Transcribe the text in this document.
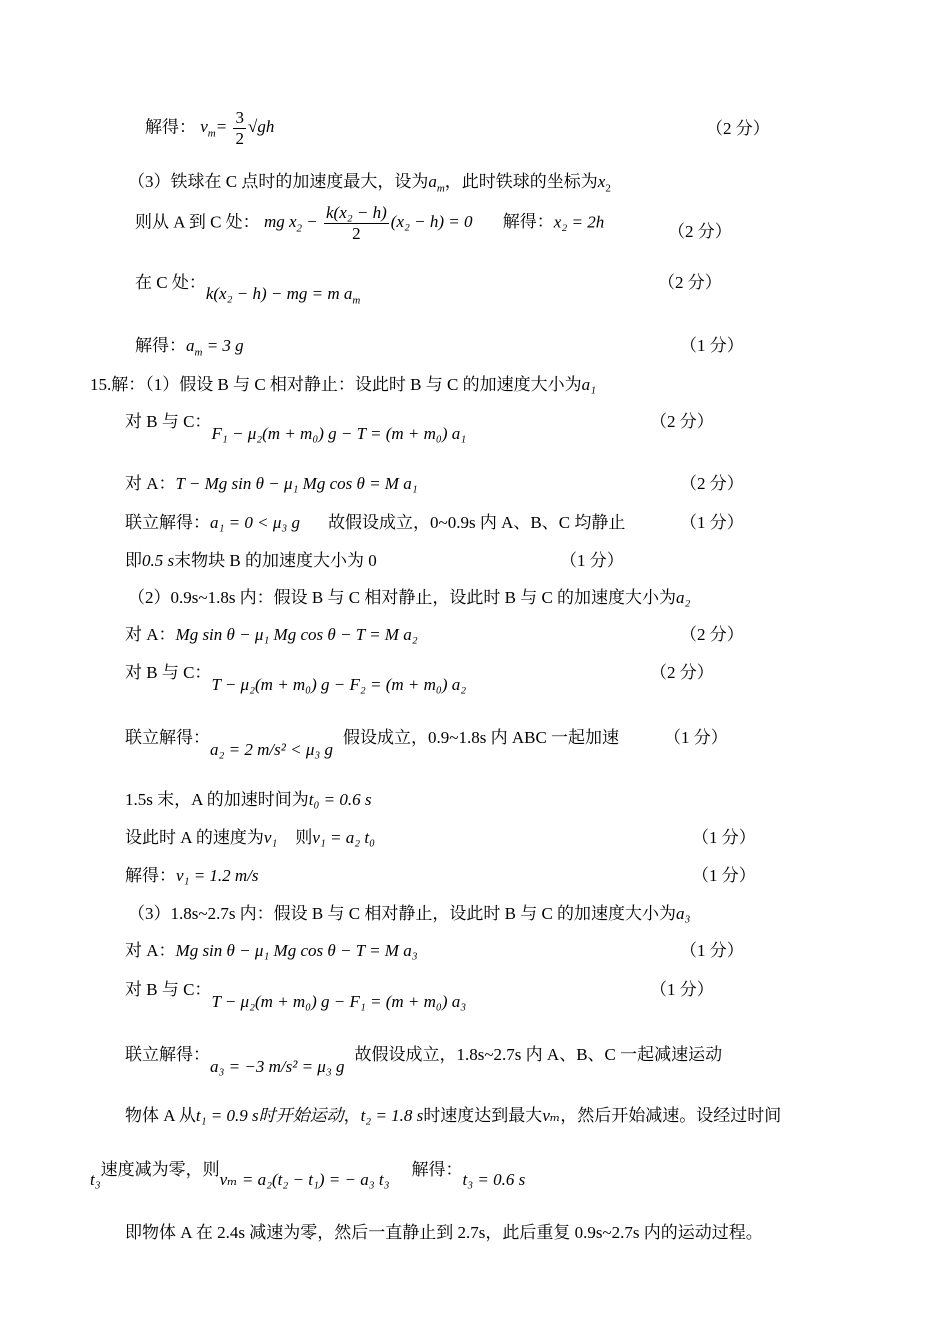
解得： $v_m= \frac{3}{2} √gh$	（2 分）
（3）铁球在 C 点时的加速度最大，设为$a_m$，此时铁球的坐标为$x_2$
则从 A 到 C 处： mg $x_2 - \frac{\text{k(x₂ − h)}}{2} (x_2 - h) = 0$ 解得：x₂ = 2h
（2 分）
在 C 处：k(x₂ − h) − mg = m $a_m$
（2 分）
解得：$a_m = 3$ g	（1 分）
15.解：（1）假设 B 与 C 相对静止：设此时 B 与 C 的加速度大小为a₁
对 B 与 C：F₁ − μ₂(m + m₀) g − T = (m + m₀) a₁
（2 分）
对 A：T − Mg sin θ − μ₁ Mg cos θ = M a₁	（2 分）
联立解得：a₁ = 0 < μ₃ g 故假设成立，0~0.9s 内 A、B、C 均静止	（1 分）
即0.5 s末物块 B 的加速度大小为 0	（1 分）
（2）0.9s~1.8s 内：假设 B 与 C 相对静止，设此时 B 与 C 的加速度大小为a₂
对 A：Mg sin θ − μ₁ Mg cos θ − T = M a₂	（2 分）
对 B 与 C：T − μ₂(m + m₀) g − F₂ = (m + m₀) a₂
（2 分）
联立解得：a₂ = 2 m/s² < μ₃ g假设成立，0.9~1.8s 内 ABC 一起加速	（1 分）
1.5s 末，A 的加速时间为t₀ = 0.6 s
设此时 A 的速度为v₁ 则v₁ = a₂ t₀	（1 分）
解得：v₁ = 1.2 m/s	（1 分）
（3）1.8s~2.7s 内：假设 B 与 C 相对静止，设此时 B 与 C 的加速度大小为a₃
对 A：Mg sin θ − μ₁ Mg cos θ − T = M a₃	（1 分）
对 B 与 C：T − μ₂(m + m₀) g − F₁ = (m + m₀) a₃
（1 分）
联立解得：a₃ = −3 m/s² = μ₃ g故假设成立，1.8s~2.7s 内 A、B、C 一起减速运动
物体 A 从t₁ = 0.9 s时开始运动，t₂ = 1.8 s时速度达到最大vₘ，然后开始减速。设经过时间
t₃速度减为零，则vₘ = a₂(t₂ − t₁) = − a₃ t₃解得：t₃ = 0.6 s
即物体 A 在 2.4s 减速为零，然后一直静止到 2.7s，此后重复 0.9s~2.7s 内的运动过程。
